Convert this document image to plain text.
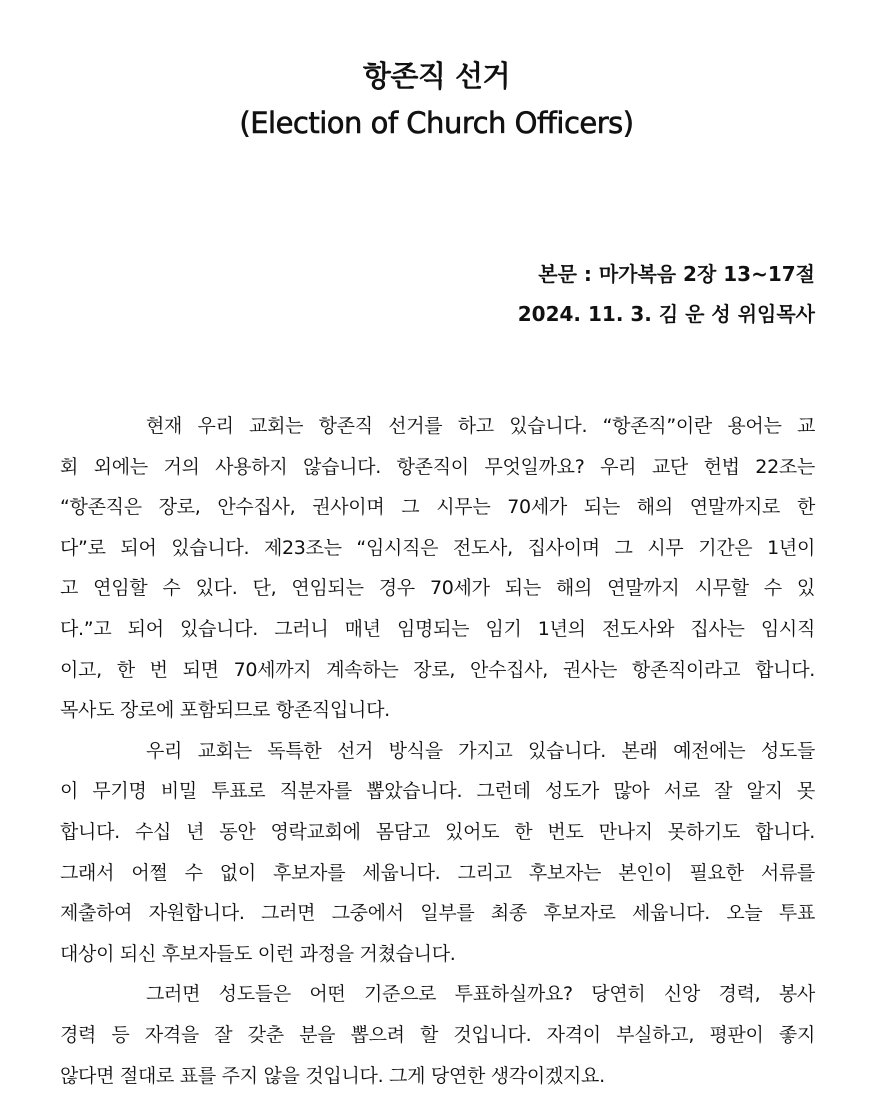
항존직 선거
(Election of Church Officers)
본문 : 마가복음 2장 13~17절
2024. 11. 3. 김 운 성 위임목사
현재 우리 교회는 항존직 선거를 하고 있습니다. “항존직”이란 용어는 교
회 외에는 거의 사용하지 않습니다. 항존직이 무엇일까요? 우리 교단 헌법 22조는
“항존직은 장로, 안수집사, 권사이며 그 시무는 70세가 되는 해의 연말까지로 한
다”로 되어 있습니다. 제23조는 “임시직은 전도사, 집사이며 그 시무 기간은 1년이
고 연임할 수 있다. 단, 연임되는 경우 70세가 되는 해의 연말까지 시무할 수 있
다.”고 되어 있습니다. 그러니 매년 임명되는 임기 1년의 전도사와 집사는 임시직
이고, 한 번 되면 70세까지 계속하는 장로, 안수집사, 권사는 항존직이라고 합니다.
목사도 장로에 포함되므로 항존직입니다.
우리 교회는 독특한 선거 방식을 가지고 있습니다. 본래 예전에는 성도들
이 무기명 비밀 투표로 직분자를 뽑았습니다. 그런데 성도가 많아 서로 잘 알지 못
합니다. 수십 년 동안 영락교회에 몸담고 있어도 한 번도 만나지 못하기도 합니다.
그래서 어쩔 수 없이 후보자를 세웁니다. 그리고 후보자는 본인이 필요한 서류를
제출하여 자원합니다. 그러면 그중에서 일부를 최종 후보자로 세웁니다. 오늘 투표
대상이 되신 후보자들도 이런 과정을 거쳤습니다.
그러면 성도들은 어떤 기준으로 투표하실까요? 당연히 신앙 경력, 봉사
경력 등 자격을 잘 갖춘 분을 뽑으려 할 것입니다. 자격이 부실하고, 평판이 좋지
않다면 절대로 표를 주지 않을 것입니다. 그게 당연한 생각이겠지요.
